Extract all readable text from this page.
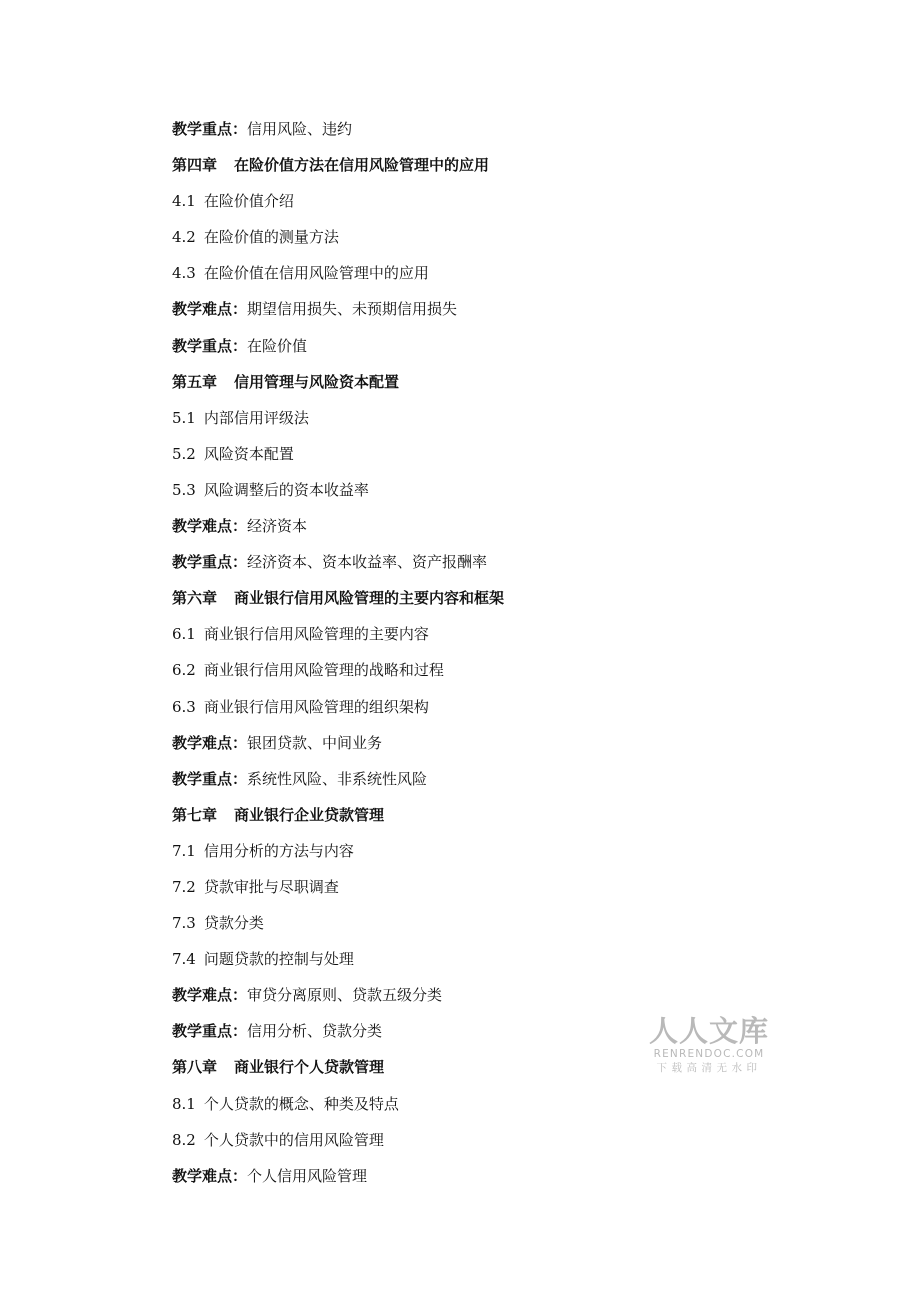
教学重点：信用风险、违约
第四章 在险价值方法在信用风险管理中的应用
4.1 在险价值介绍
4.2 在险价值的测量方法
4.3 在险价值在信用风险管理中的应用
教学难点：期望信用损失、未预期信用损失
教学重点：在险价值
第五章 信用管理与风险资本配置
5.1 内部信用评级法
5.2 风险资本配置
5.3 风险调整后的资本收益率
教学难点：经济资本
教学重点：经济资本、资本收益率、资产报酬率
第六章 商业银行信用风险管理的主要内容和框架
6.1 商业银行信用风险管理的主要内容
6.2 商业银行信用风险管理的战略和过程
6.3 商业银行信用风险管理的组织架构
教学难点：银团贷款、中间业务
教学重点：系统性风险、非系统性风险
第七章 商业银行企业贷款管理
7.1 信用分析的方法与内容
7.2 贷款审批与尽职调查
7.3 贷款分类
7.4 问题贷款的控制与处理
教学难点：审贷分离原则、贷款五级分类
教学重点：信用分析、贷款分类
第八章 商业银行个人贷款管理
8.1 个人贷款的概念、种类及特点
8.2 个人贷款中的信用风险管理
教学难点：个人信用风险管理
人人文库
RENRENDOC.COM
下载高清无水印
